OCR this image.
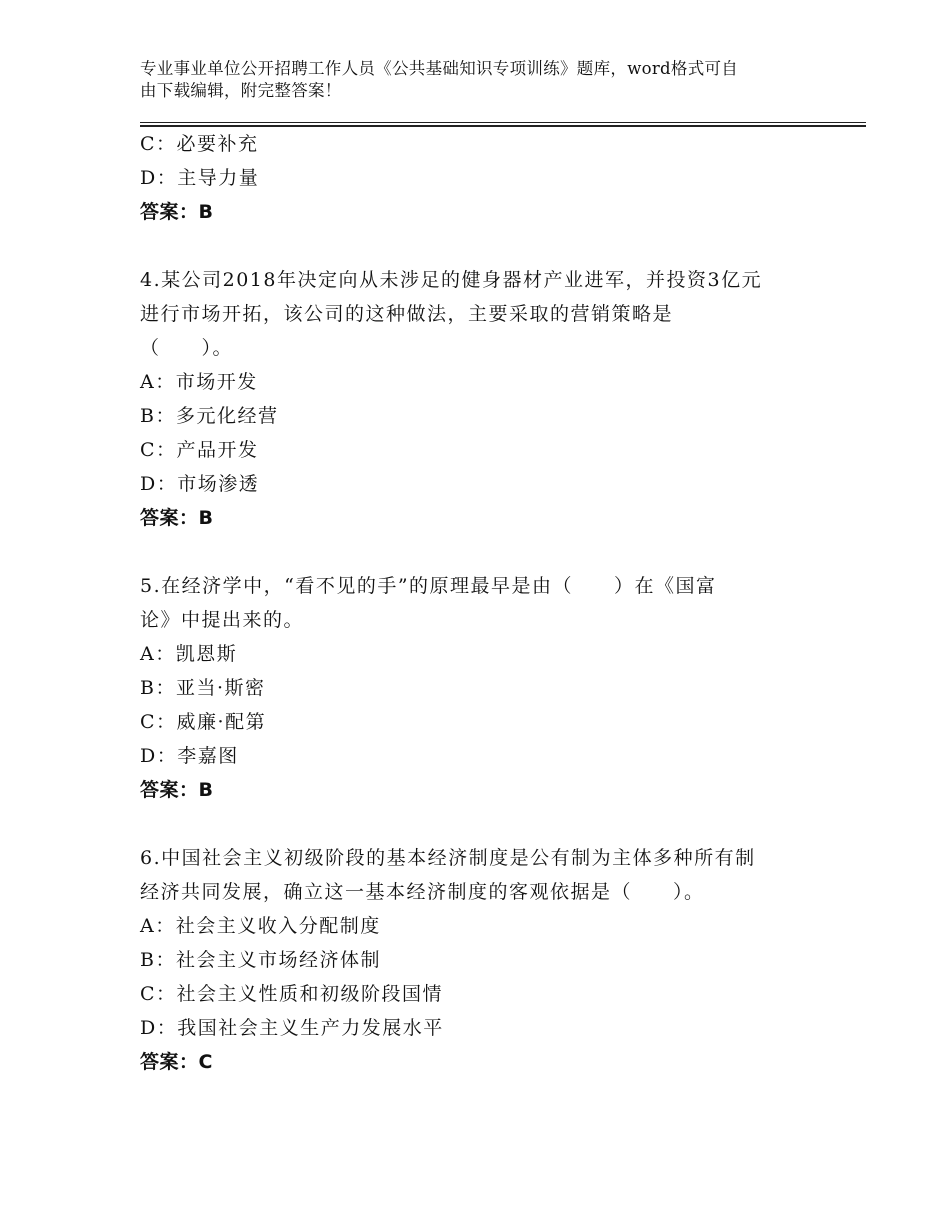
专业事业单位公开招聘工作人员《公共基础知识专项训练》题库，word格式可自
由下载编辑，附完整答案！
C：必要补充
D：主导力量
答案：B
4.某公司2018年决定向从未涉足的健身器材产业进军，并投资3亿元
进行市场开拓，该公司的这种做法，主要采取的营销策略是
（　　）。
A：市场开发
B：多元化经营
C：产品开发
D：市场渗透
答案：B
5.在经济学中，“看不见的手”的原理最早是由（　　）在《国富
论》中提出来的。
A：凯恩斯
B：亚当·斯密
C：威廉·配第
D：李嘉图
答案：B
6.中国社会主义初级阶段的基本经济制度是公有制为主体多种所有制
经济共同发展，确立这一基本经济制度的客观依据是（　　）。
A：社会主义收入分配制度
B：社会主义市场经济体制
C：社会主义性质和初级阶段国情
D：我国社会主义生产力发展水平
答案：C
